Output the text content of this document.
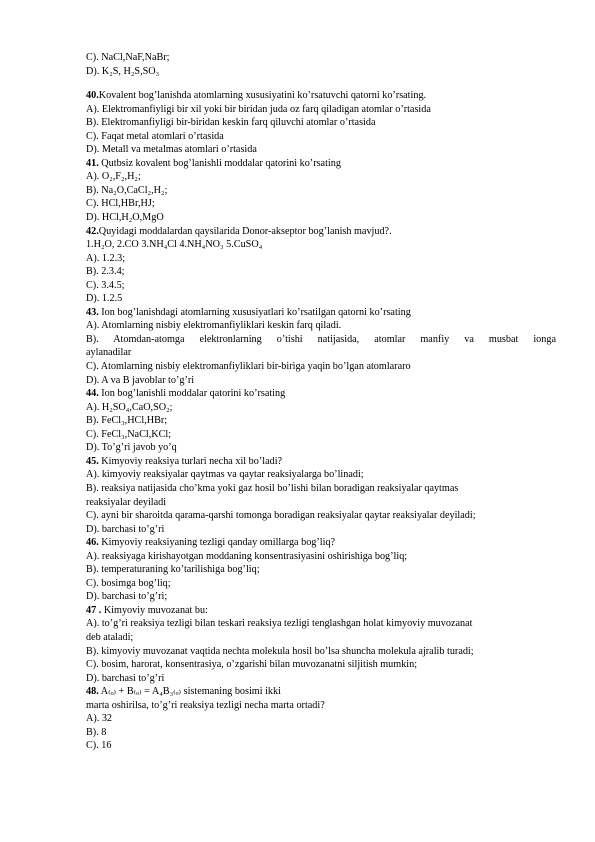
C). NaCl,NaF,NaBr;
D). K₂S, H₂S,SO₃
40.Kovalent bog’lanishda atomlarning xususiyatini ko’rsatuvchi qatorni ko’rsating.
A). Elektromanfiyligi bir xil yoki bir biridan juda oz farq qiladigan atomlar o’rtasida
B). Elektromanfiyligi bir-biridan keskin farq qiluvchi atomlar o’rtasida
C). Faqat metal atomlari o’rtasida
D). Metall va metalmas atomlari o’rtasida
41. Qutbsiz kovalent bog’lanishli moddalar qatorini ko’rsating
A). O₂,F₂,H₂;
B). Na₂O,CaCl₂,H₂;
C). HCl,HBr,HJ;
D). HCl,H₂O,MgO
42.Quyidagi moddalardan qaysilarida Donor-akseptor bog’lanish mavjud?.
1.H₂O, 2.CO 3.NH₄Cl 4.NH₄NO₃ 5.CuSO₄
A). 1.2.3;
B). 2.3.4;
C). 3.4.5;
D). 1.2.5
43. Ion bog’lanishdagi atomlarning xususiyatlari ko’rsatilgan qatorni ko’rsating
A). Atomlarning nisbiy elektromanfiyliklari keskin farq qiladi.
B). Atomdan-atomga elektronlarning o’tishi natijasida, atomlar manfiy va musbat ionga
aylanadilar
C). Atomlarning nisbiy elektromanfiyliklari bir-biriga yaqin bo’lgan atomlararo
D). A va B javoblar to’g’ri
44. Ion bog’lanishli moddalar qatorini ko’rsating
A). H₂SO₄,CaO,SO₂;
B). FeCl₃,HCl,HBr;
C). FeCl₃,NaCl,KCl;
D). To’g’ri javob yo’q
45. Kimyoviy reaksiya turlari necha xil bo’ladi?
A). kimyoviy reaksiyalar qaytmas va qaytar reaksiyalarga bo’linadi;
B). reaksiya natijasida cho’kma yoki gaz hosil bo’lishi bilan boradigan reaksiyalar qaytmas
reaksiyalar deyiladi
C). ayni bir sharoitda qarama-qarshi tomonga boradigan reaksiyalar qaytar reaksiyalar deyiladi;
D). barchasi to’g’ri
46. Kimyoviy reaksiyaning tezligi qanday omillarga bog’liq?
A). reaksiyaga kirishayotgan moddaning konsentrasiyasini oshirishiga bog’liq;
B). temperaturaning ko’tarilishiga bog’liq;
C). bosimga bog’liq;
D). barchasi to’g’ri;
47 . Kimyoviy muvozanat bu:
A). to’g’ri reaksiya tezligi bilan teskari reaksiya tezligi tenglashgan holat kimyoviy muvozanat
deb ataladi;
B). kimyoviy muvozanat vaqtida nechta molekula hosil bo’lsa shuncha molekula ajralib turadi;
C). bosim, harorat, konsentrasiya, o’zgarishi bilan muvozanatni siljitish mumkin;
D). barchasi to’g’ri
48. A₍ₒ₎ + B₍ₒ₎ = A₄B₃₍ₒ₎ sistemaning bosimi ikki
marta oshirilsa, to’g’ri reaksiya tezligi necha marta ortadi?
A). 32
B). 8
C). 16
